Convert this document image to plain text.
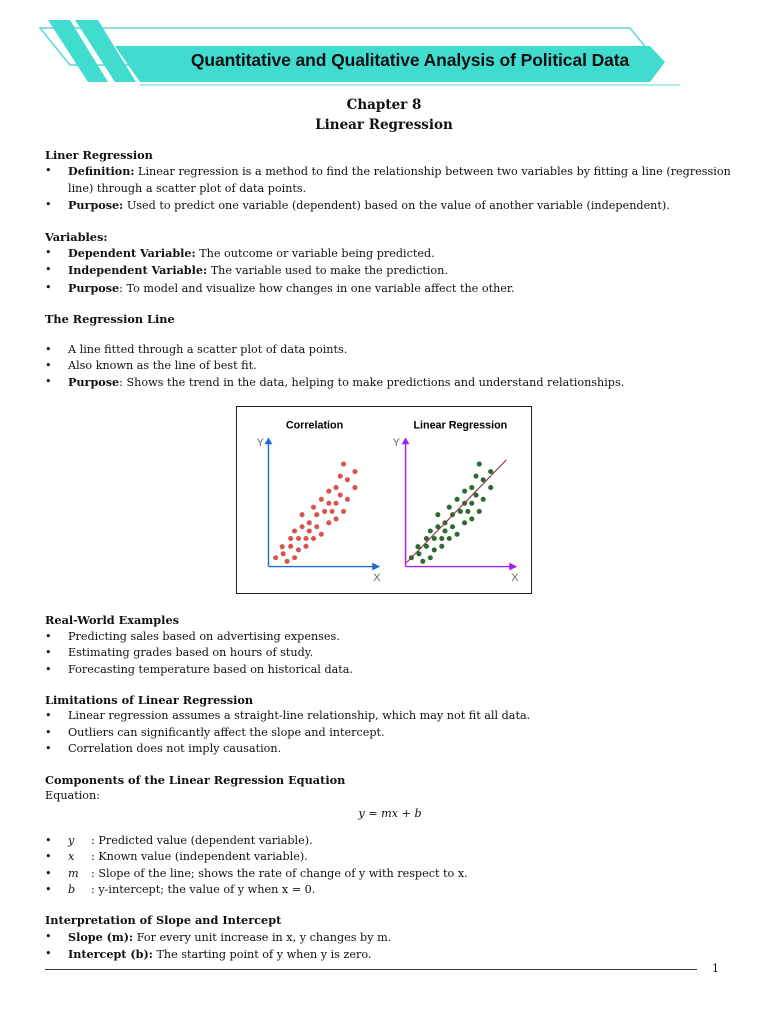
Quantitative and Qualitative Analysis of Political Data
Chapter 8
Linear Regression
Liner Regression
• Definition: Linear regression is a method to find the relationship between two variables by fitting a line (regression line) through a scatter plot of data points.
• Purpose: Used to predict one variable (dependent) based on the value of another variable (independent).
Variables:
• Dependent Variable: The outcome or variable being predicted.
• Independent Variable: The variable used to make the prediction.
• Purpose: To model and visualize how changes in one variable affect the other.
The Regression Line
• A line fitted through a scatter plot of data points.
• Also known as the line of best fit.
• Purpose: Shows the trend in the data, helping to make predictions and understand relationships.
Correlation	Linear Regression
Y
X
Y
X
Real-World Examples
• Predicting sales based on advertising expenses.
• Estimating grades based on hours of study.
• Forecasting temperature based on historical data.
Limitations of Linear Regression
• Linear regression assumes a straight-line relationship, which may not fit all data.
• Outliers can significantly affect the slope and intercept.
• Correlation does not imply causation.
Components of the Linear Regression Equation
Equation:
y = mx + b
• y : Predicted value (dependent variable).
• x : Known value (independent variable).
• m : Slope of the line; shows the rate of change of y with respect to x.
• b : y-intercept; the value of y when x = 0.
Interpretation of Slope and Intercept
• Slope (m): For every unit increase in x, y changes by m.
• Intercept (b): The starting point of y when y is zero.
1
